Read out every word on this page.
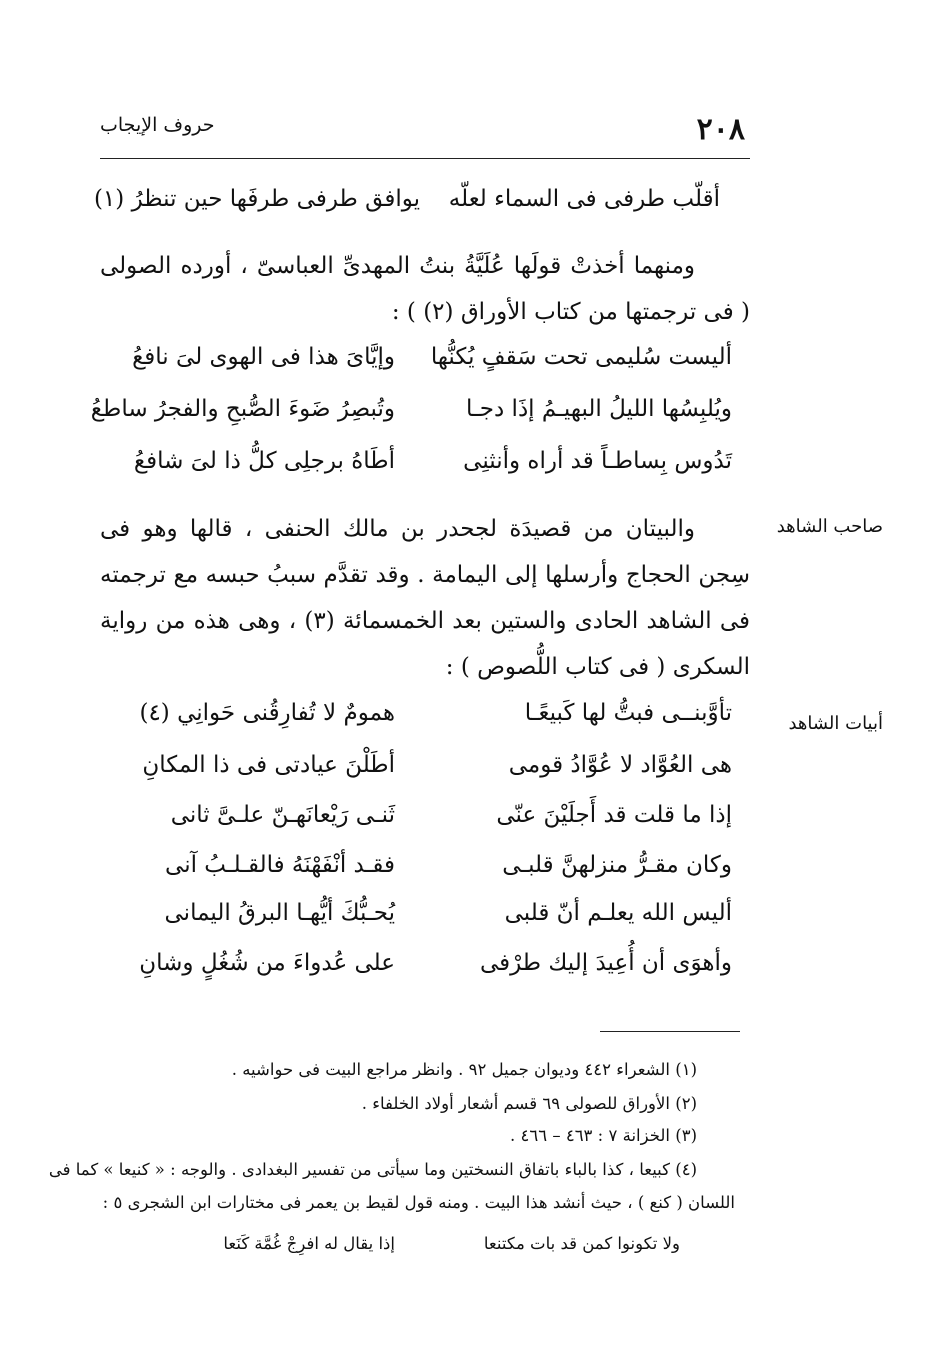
٢٠٨
حروف الإيجاب
أقلّب طرفى فى السماء لعلّه
يوافق طرفى طرفَها حين تنظرُ (١)

ومنهما أخذتْ قولَها عُلَيَّةُ بنتُ المهدىِّ العباسىّ ، أورده الصولى ( فى ترجمتها من كتاب الأوراق (٢) ) :

أليست سُليمى تحت سَقفٍ يُكنُّها
وإيَّاىَ هذا فى الهوى لىَ نافعُ
ويُلبِسُها الليلُ البهيـمُ إذَا دجـا
وتُبصِرُ ضَوءَ الصُّبحِ والفجرُ ساطعُ
تَدُوس بِساطـاً قد أراه وأنثنِى
أطَاهُ برجلِى كلُّ ذا لىَ شافعُ
صاحب الشاهد

والبيتان من قصيدَة لجحدر بن مالك الحنفى ، قالها وهو فى سِجن الحجاج وأرسلها إلى اليمامة . وقد تقدَّم سببُ حبسه مع ترجمته فى الشاهد الحادى والستين بعد الخمسمائة (٣) ، وهى هذه من رواية السكرى ( فى كتاب اللُّصوص ) :

أبيات الشاهد
تأوَّبنــى فبتُّ لها كَبيعًـا
همومٌ لا تُفارِقُنى حَوانِي (٤)
هى العُوَّاد لا عُوَّادُ قومى
أطَلْنَ عيادتى فى ذا المكانِ
إذا ما قلت قد أَجلَيْنَ عنّى
ثَنـى رَيْعانَهـنّ علـىَّ ثانى
وكان مقـرُّ منزلهنَّ قلبـى
فقـد أنْفَهْنَهُ فالقـلـبُ آنى
أليس الله يعلـم أنّ قلبى
يُحـبُّكَ أيُّهـا البرقُ اليمانى
وأهوَى أن أُعِيدَ إليك طرْفى
على عُدواءَ من شُغُلٍ وشانِ
(١) الشعراء ٤٤٢ وديوان جميل ٩٢ . وانظر مراجع البيت فى حواشيه .
(٢) الأوراق للصولى ٦٩ قسم أشعار أولاد الخلفاء .
(٣) الخزانة ٧ : ٤٦٣ – ٤٦٦ .
(٤) كبيعا ، كذا بالباء باتفاق النسختين وما سيأتى من تفسير البغدادى . والوجه : « كنيعا » كما فى
اللسان ( كنع ) ، حيث أنشد هذا البيت . ومنه قول لقيط بن يعمر فى مختارات ابن الشجرى ٥ :
ولا تكونوا كمن قد بات مكتنعا
إذا يقال له افرِجْ غُمَّة كَنَعا
